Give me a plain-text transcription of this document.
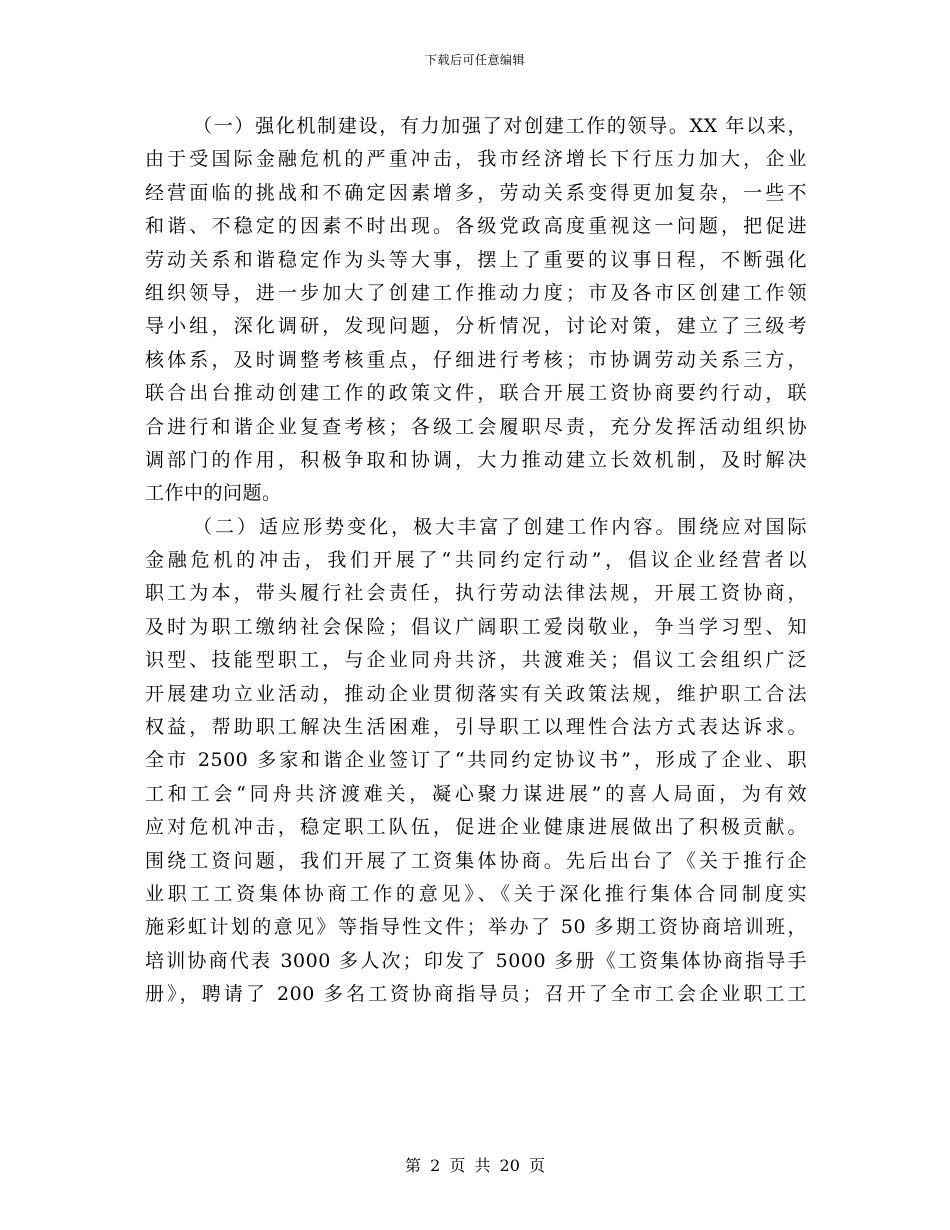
下载后可任意编辑
（一）强化机制建设，有力加强了对创建工作的领导。XX 年以来，
由于受国际金融危机的严重冲击，我市经济增长下行压力加大，企业
经营面临的挑战和不确定因素增多，劳动关系变得更加复杂，一些不
和谐、不稳定的因素不时出现。各级党政高度重视这一问题，把促进
劳动关系和谐稳定作为头等大事，摆上了重要的议事日程，不断强化
组织领导，进一步加大了创建工作推动力度；市及各市区创建工作领
导小组，深化调研，发现问题，分析情况，讨论对策，建立了三级考
核体系，及时调整考核重点，仔细进行考核；市协调劳动关系三方，
联合出台推动创建工作的政策文件，联合开展工资协商要约行动，联
合进行和谐企业复查考核；各级工会履职尽责，充分发挥活动组织协
调部门的作用，积极争取和协调，大力推动建立长效机制，及时解决
工作中的问题。
（二）适应形势变化，极大丰富了创建工作内容。围绕应对国际
金融危机的冲击，我们开展了“共同约定行动”，倡议企业经营者以
职工为本，带头履行社会责任，执行劳动法律法规，开展工资协商，
及时为职工缴纳社会保险；倡议广阔职工爱岗敬业，争当学习型、知
识型、技能型职工，与企业同舟共济，共渡难关；倡议工会组织广泛
开展建功立业活动，推动企业贯彻落实有关政策法规，维护职工合法
权益，帮助职工解决生活困难，引导职工以理性合法方式表达诉求。
全市 2500 多家和谐企业签订了“共同约定协议书”，形成了企业、职
工和工会“同舟共济渡难关，凝心聚力谋进展”的喜人局面，为有效
应对危机冲击，稳定职工队伍，促进企业健康进展做出了积极贡献。
围绕工资问题，我们开展了工资集体协商。先后出台了《关于推行企
业职工工资集体协商工作的意见》、《关于深化推行集体合同制度实
施彩虹计划的意见》等指导性文件；举办了 50 多期工资协商培训班，
培训协商代表 3000 多人次；印发了 5000 多册《工资集体协商指导手
册》，聘请了 200 多名工资协商指导员；召开了全市工会企业职工工
第 2 页 共 20 页
